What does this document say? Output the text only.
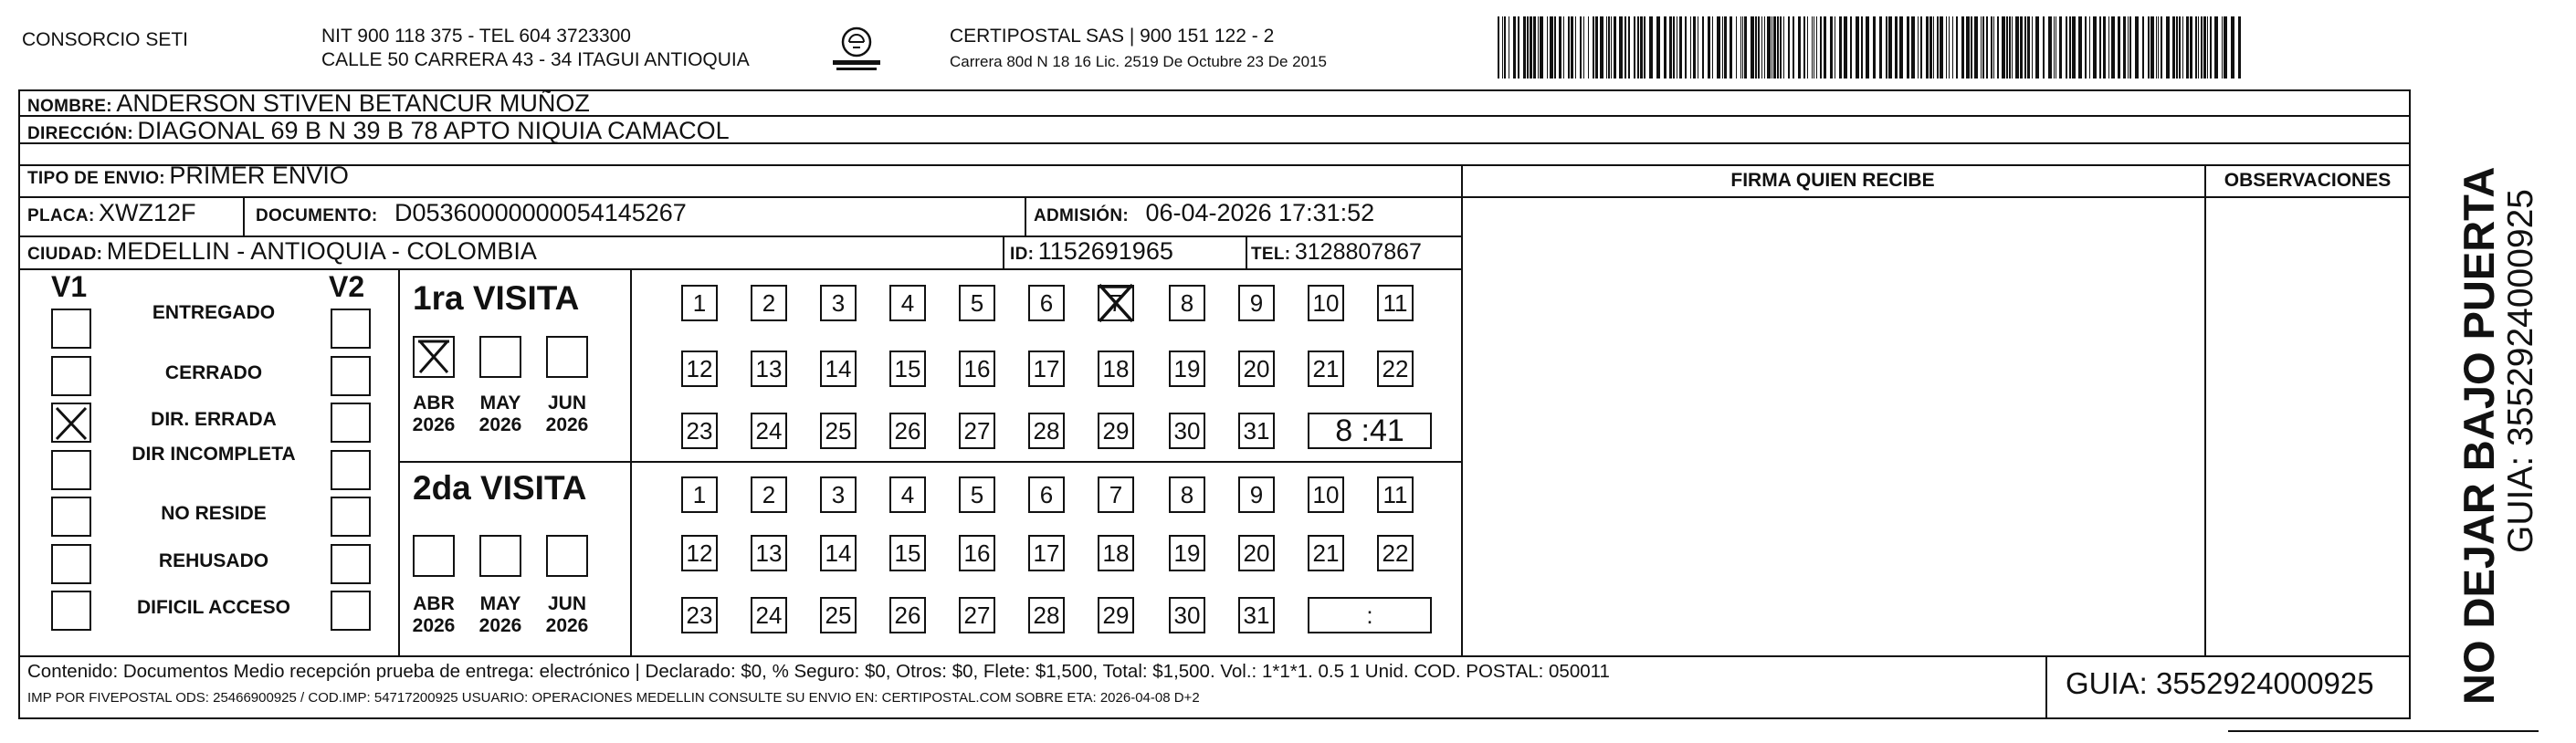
CONSORCIO SETI	NIT 900 118 375 - TEL 604 3723300
CALLE 50 CARRERA 43 - 34 ITAGUI ANTIOQUIA
CERTIPOSTAL SAS | 900 151 122 - 2
Carrera 80d N 18 16 Lic. 2519 De Octubre 23 De 2015
NOMBRE: ANDERSON STIVEN BETANCUR MUÑOZ
DIRECCIÓN: DIAGONAL 69 B N 39 B 78 APTO NIQUIA CAMACOL
TIPO DE ENVIO: PRIMER ENVIO	FIRMA QUIEN RECIBE	OBSERVACIONES
PLACA: XWZ12F	DOCUMENTO: D05360000000054145267	ADMISIÓN: 06-04-2026 17:31:52
CIUDAD: MEDELLIN - ANTIOQUIA - COLOMBIA	ID: 1152691965	TEL: 3128807867
V1	V2
ENTREGADO
CERRADO
DIR. ERRADA
DIR INCOMPLETA
NO RESIDE
REHUSADO
DIFICIL ACCESO
1ra VISITA
2da VISITA
ABR
2026
MAY
2026
JUN
2026
ABR
2026
MAY
2026
JUN
2026
1	2	3	4	5	6	7	8	9	10 11
12 13 14 15 16 17 18 19 20 21 22
23 24 25 26 27 28 29 30 31	8 :41
1	2	3	4	5	6	7	8	9	10 11
12 13 14 15 16 17 18 19 20 21 22
23 24 25 26 27 28 29 30 31	:	NO DEJAR BAJO PUERTA
GUIA: 3552924000925
Contenido: Documentos Medio recepción prueba de entrega: electrónico | Declarado: $0, % Seguro: $0, Otros: $0, Flete: $1,500, Total: $1,500. Vol.: 1*1*1. 0.5 1 Unid. COD. POSTAL: 050011
IMP POR FIVEPOSTAL ODS: 25466900925 / COD.IMP: 54717200925 USUARIO: OPERACIONES MEDELLIN CONSULTE SU ENVIO EN: CERTIPOSTAL.COM SOBRE ETA: 2026-04-08 D+2	GUIA: 3552924000925
